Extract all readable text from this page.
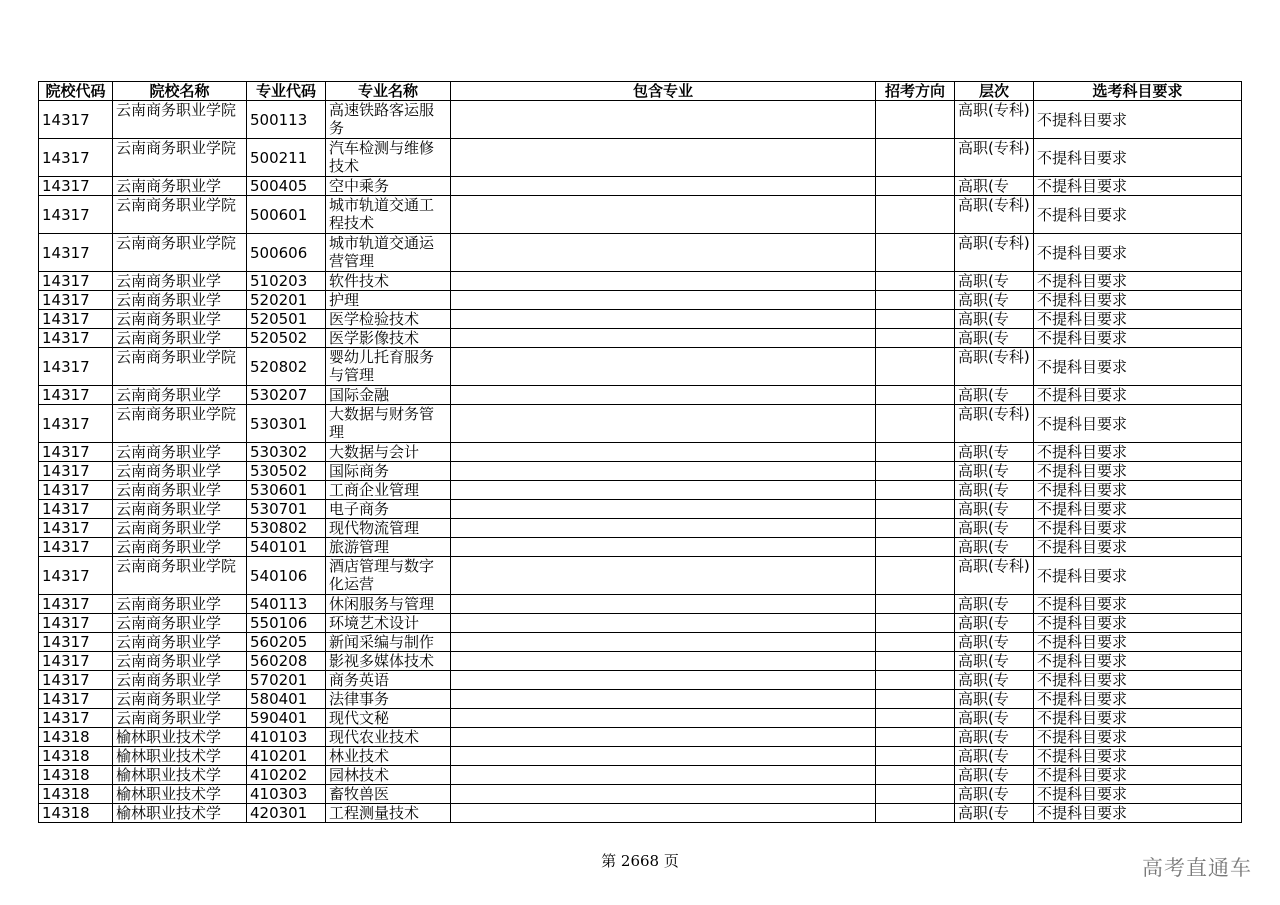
院校代码	院校名称	专业代码	专业名称	包含专业	招考方向	层次	选考科目要求
14317	云南商务职业学院	500113	高速铁路客运服务			高职(专科)	不提科目要求
14317	云南商务职业学院	500211	汽车检测与维修技术			高职(专科)	不提科目要求
14317	云南商务职业学	500405	空中乘务			高职(专	不提科目要求
14317	云南商务职业学院	500601	城市轨道交通工程技术			高职(专科)	不提科目要求
14317	云南商务职业学院	500606	城市轨道交通运营管理			高职(专科)	不提科目要求
14317	云南商务职业学	510203	软件技术			高职(专	不提科目要求
14317	云南商务职业学	520201	护理			高职(专	不提科目要求
14317	云南商务职业学	520501	医学检验技术			高职(专	不提科目要求
14317	云南商务职业学	520502	医学影像技术			高职(专	不提科目要求
14317	云南商务职业学院	520802	婴幼儿托育服务与管理			高职(专科)	不提科目要求
14317	云南商务职业学	530207	国际金融			高职(专	不提科目要求
14317	云南商务职业学院	530301	大数据与财务管理			高职(专科)	不提科目要求
14317	云南商务职业学	530302	大数据与会计			高职(专	不提科目要求
14317	云南商务职业学	530502	国际商务			高职(专	不提科目要求
14317	云南商务职业学	530601	工商企业管理			高职(专	不提科目要求
14317	云南商务职业学	530701	电子商务			高职(专	不提科目要求
14317	云南商务职业学	530802	现代物流管理			高职(专	不提科目要求
14317	云南商务职业学	540101	旅游管理			高职(专	不提科目要求
14317	云南商务职业学院	540106	酒店管理与数字化运营			高职(专科)	不提科目要求
14317	云南商务职业学	540113	休闲服务与管理			高职(专	不提科目要求
14317	云南商务职业学	550106	环境艺术设计			高职(专	不提科目要求
14317	云南商务职业学	560205	新闻采编与制作			高职(专	不提科目要求
14317	云南商务职业学	560208	影视多媒体技术			高职(专	不提科目要求
14317	云南商务职业学	570201	商务英语			高职(专	不提科目要求
14317	云南商务职业学	580401	法律事务			高职(专	不提科目要求
14317	云南商务职业学	590401	现代文秘			高职(专	不提科目要求
14318	榆林职业技术学	410103	现代农业技术			高职(专	不提科目要求
14318	榆林职业技术学	410201	林业技术			高职(专	不提科目要求
14318	榆林职业技术学	410202	园林技术			高职(专	不提科目要求
14318	榆林职业技术学	410303	畜牧兽医			高职(专	不提科目要求
14318	榆林职业技术学	420301	工程测量技术			高职(专	不提科目要求
第 2668 页	高考直通车
